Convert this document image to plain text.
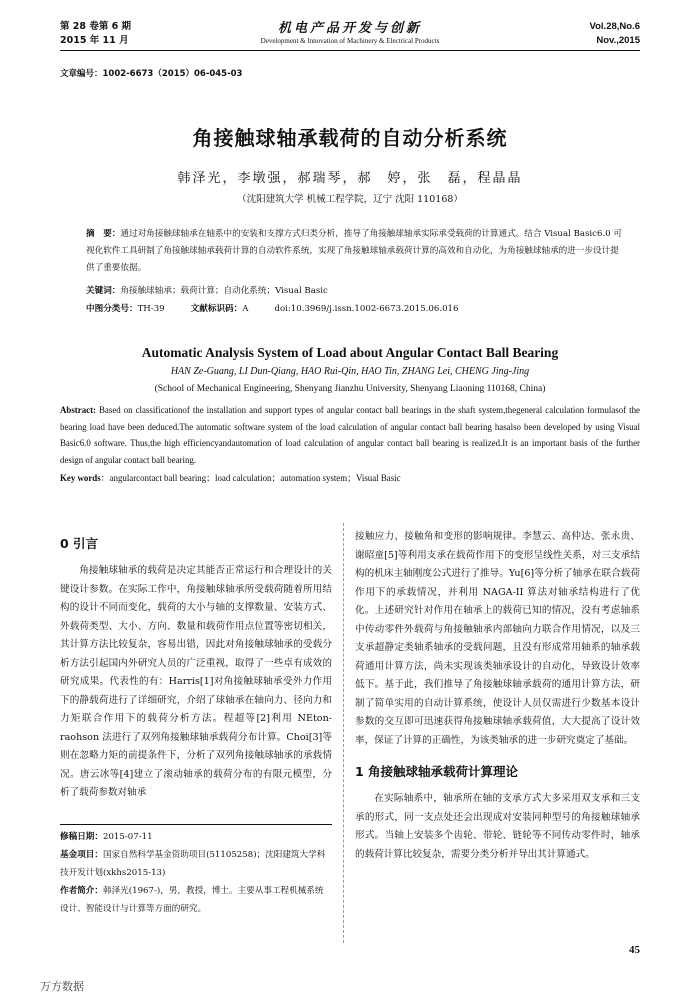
第 28 卷第 6 期
2015 年 11 月
机电产品开发与创新
Development & Innovation of Machinery & Electrical Products
Vol.28,No.6
Nov.,2015
文章编号：1002-6673（2015）06-045-03
角接触球轴承载荷的自动分析系统
韩泽光，李墩强，郝瑞琴，郝　婷，张　磊，程晶晶
（沈阳建筑大学 机械工程学院，辽宁 沈阳 110168）
摘　要：通过对角接触球轴承在轴系中的安装和支撑方式归类分析，推导了角接触球轴承实际承受载荷的计算通式。结合 Visual Basic6.0 可视化软件工具研制了角接触球轴承载荷计算的自动软件系统，实现了角接触球轴承载荷计算的高效和自动化，为角接触球轴承的进一步设计提供了重要依据。
关键词：角接触球轴承；载荷计算；自动化系统；Visual Basic
中图分类号：TH-39	文献标识码：A	doi:10.3969/j.issn.1002-6673.2015.06.016
Automatic Analysis System of Load about Angular Contact Ball Bearing
HAN Ze-Guang, LI Dun-Qiang, HAO Rui-Qin, HAO Tin, ZHANG Lei, CHENG Jing-Jing
(School of Mechanical Engineering, Shenyang Jianzhu University, Shenyang Liaoning 110168, China)
Abstract: Based on classificationof the installation and support types of angular contact ball bearings in the shaft system,thegeneral calculation formulasof the bearing load have been deduced.The automatic software system of the load calculation of angular contact ball bearing hasalso been developed by using Visual Basic6.0 software. Thus,the high efficiencyandautomation of load calculation of angular contact ball bearing is realized.It is an important basis of the further design of angular contact ball bearing.
Key words：angularcontact ball bearing；load calculation；automation system；Visual Basic
0 引言
角接触球轴承的载荷是决定其能否正常运行和合理设计的关键设计参数。在实际工作中，角接触球轴承所受载荷随着所用结构的设计不同而变化，载荷的大小与轴的支撑数量、安装方式、外载荷类型、大小、方向、数量和载荷作用点位置等密切相关，其计算方法比较复杂，容易出错，因此对角接触球轴承的受载分析方法引起国内外研究人员的广泛重视，取得了一些卓有成效的研究成果。代表性的有：Harris[1]对角接触球轴承受外力作用下的静载荷进行了详细研究，介绍了球轴承在轴向力、径向力和力矩联合作用下的载荷分析方法。程超等[2]利用 NEton-raohson 法进行了双列角接触球轴承载荷分布计算。Choi[3]等则在忽略力矩的前提条件下，分析了双列角接触球轴承的承载情况。唐云冰等[4]建立了滚动轴承的载荷分布的有限元模型，分析了载荷参数对轴承
接触应力、接触角和变形的影响规律。李慧云、高仲达、张永贵、谢昭童[5]等利用支承在载荷作用下的变形呈线性关系，对三支承结构的机床主轴刚度公式进行了推导。Yu[6]等分析了轴承在联合载荷作用下的承载情况，并利用 NAGA-II 算法对轴承结构进行了优化。上述研究针对作用在轴承上的载荷已知的情况，没有考虑轴系中传动零件外载荷与角接触轴承内部轴向力联合作用情况，以及三支承超静定类轴系轴承的受载问题，且没有形成常用轴系的轴承载荷通用计算方法，尚未实现该类轴承设计的自动化，导致设计效率低下。基于此，我们推导了角接触球轴承载荷的通用计算方法，研制了简单实用的自动计算系统，使设计人员仅需进行少数基本设计参数的交互即可迅速获得角接触球轴承载荷值，大大提高了设计效率，保证了计算的正确性，为该类轴承的进一步研究奠定了基础。
1 角接触球轴承载荷计算理论
在实际轴系中，轴承所在轴的支承方式大多采用双支承和三支承的形式，同一支点处还会出现成对安装同种型号的角接触球轴承形式。当轴上安装多个齿轮、带轮、链轮等不同传动零件时，轴承的载荷计算比较复杂，需要分类分析并导出其计算通式。
修稿日期：2015-07-11
基金项目：国家自然科学基金资助项目(51105258)；沈阳建筑大学科技开发计划(xkhs2015-13)
作者简介：韩泽光(1967-)，男，教授，博士。主要从事工程机械系统设计、智能设计与计算等方面的研究。
45
万方数据
